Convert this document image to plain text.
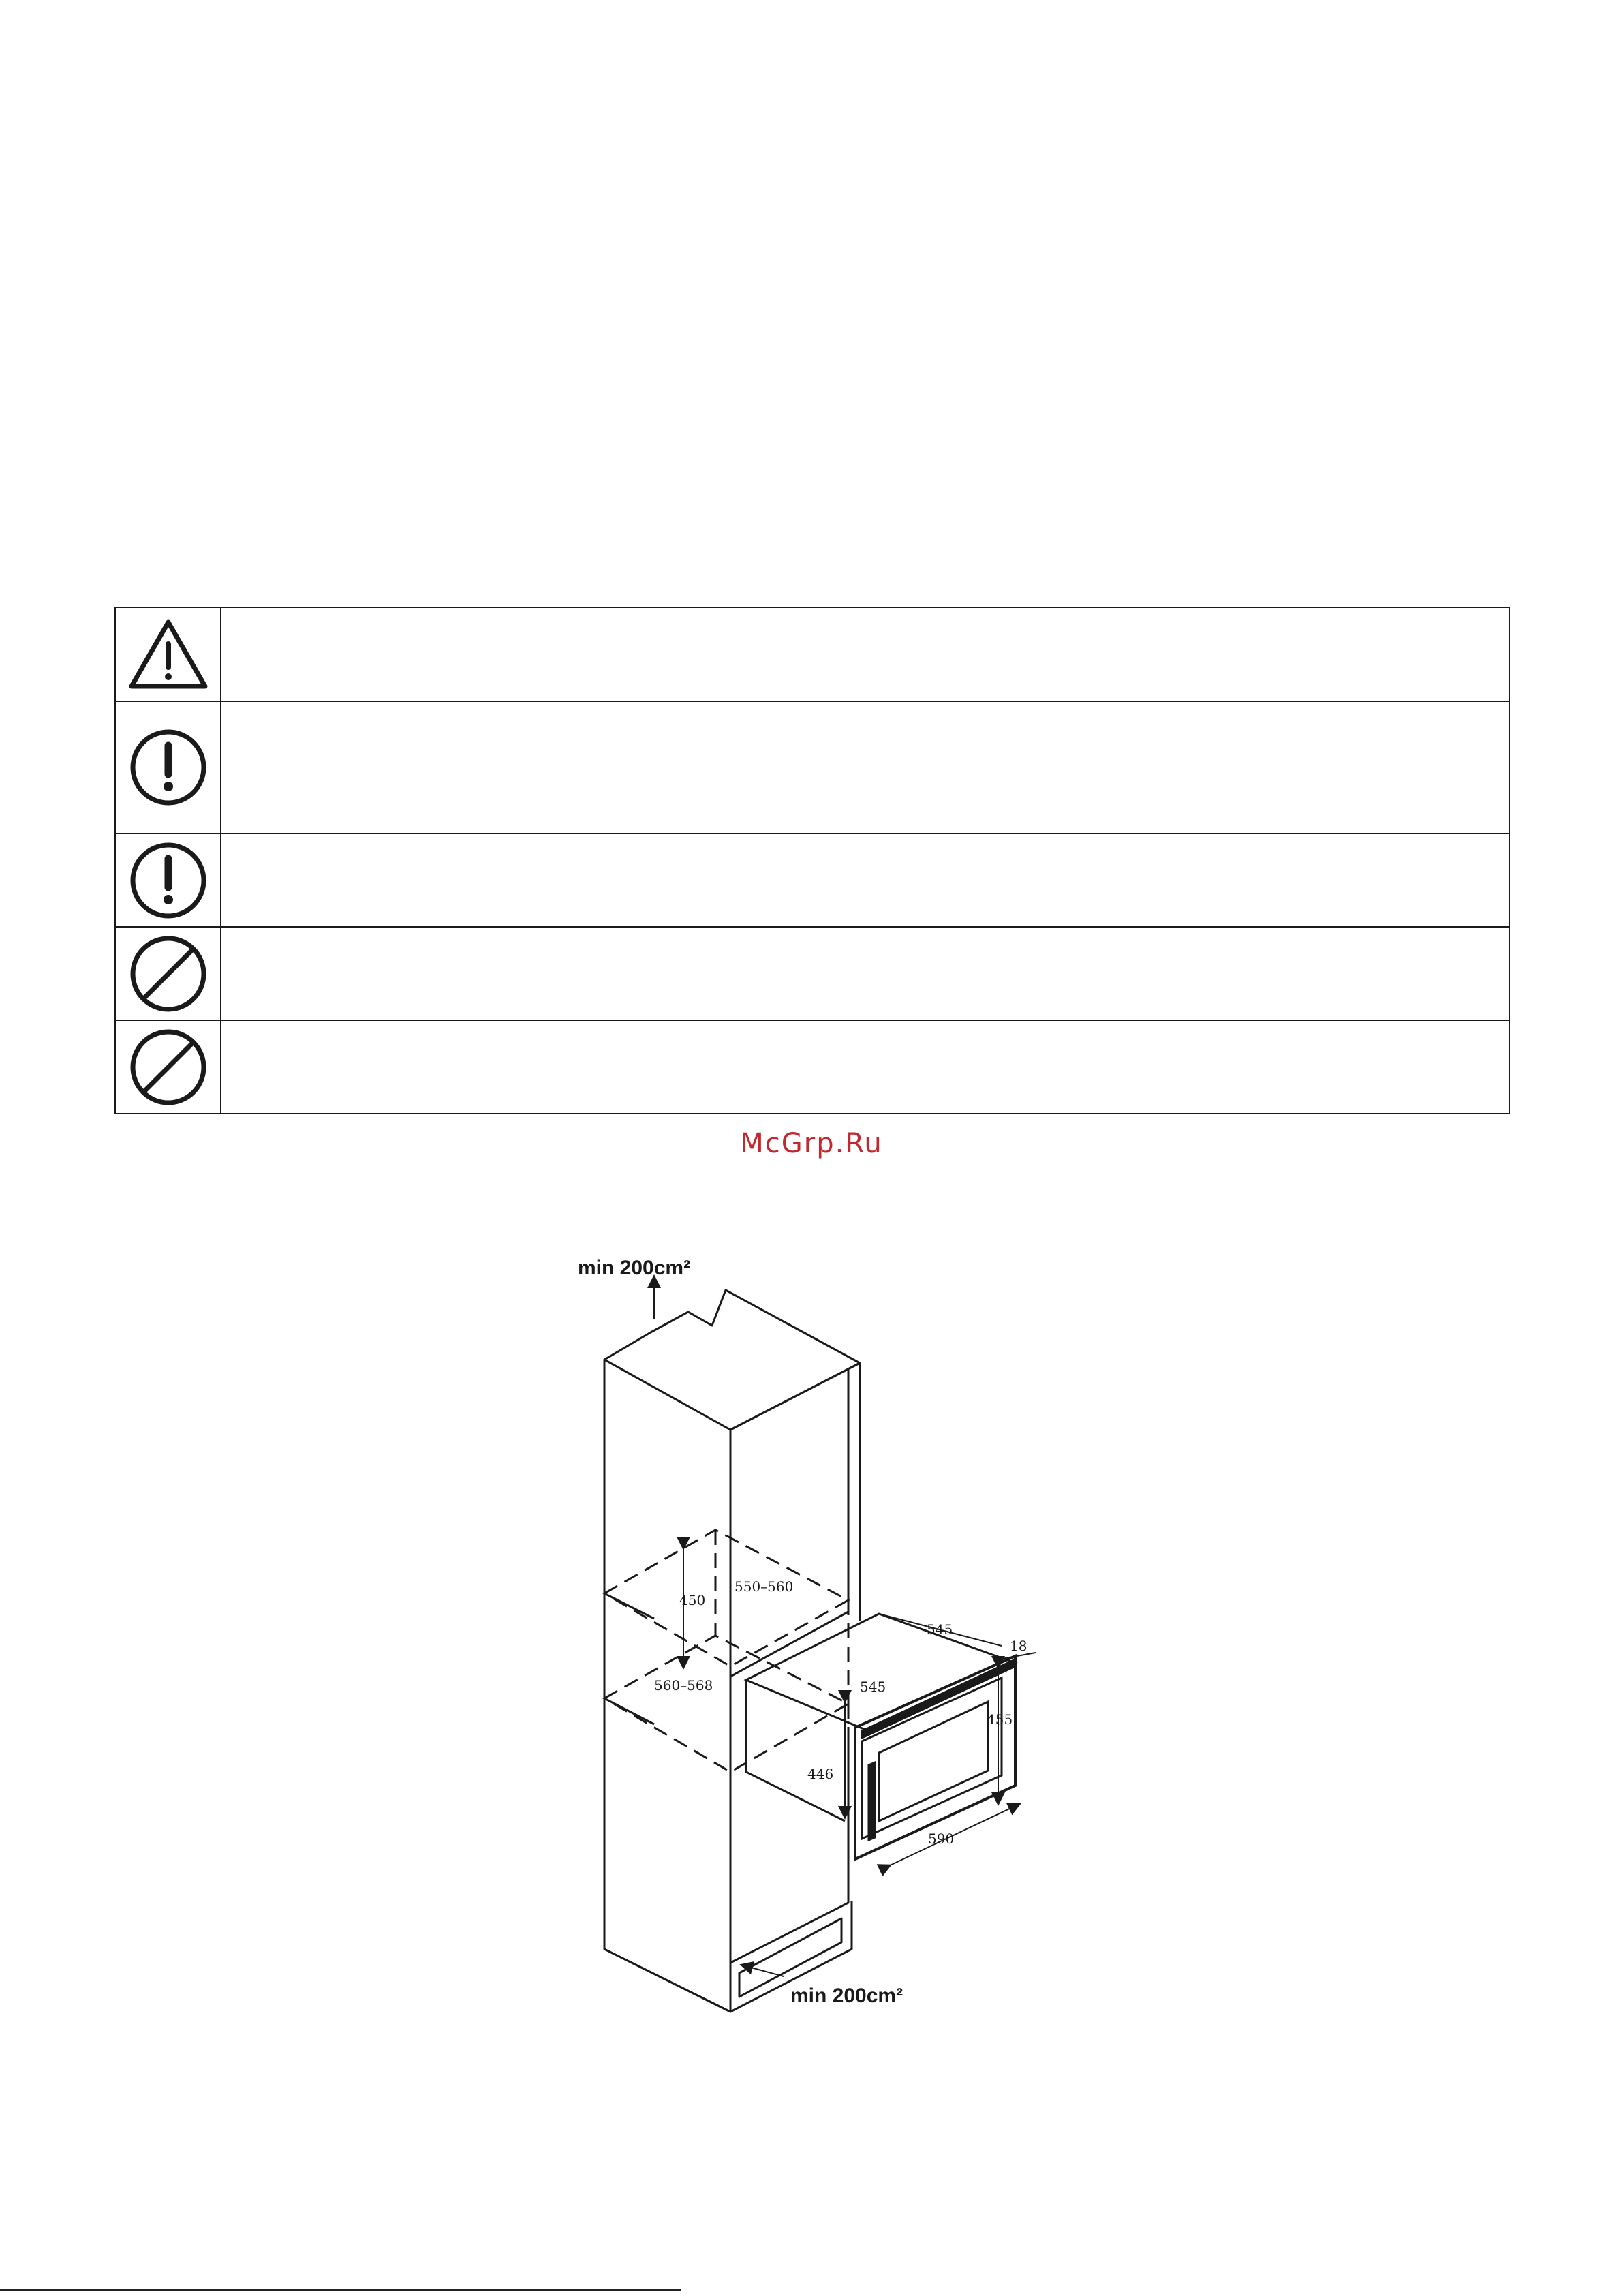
McGrp.Ru
450
550–560
560–568
545
545
18
455
446
590
min 200cm²
min 200cm²
